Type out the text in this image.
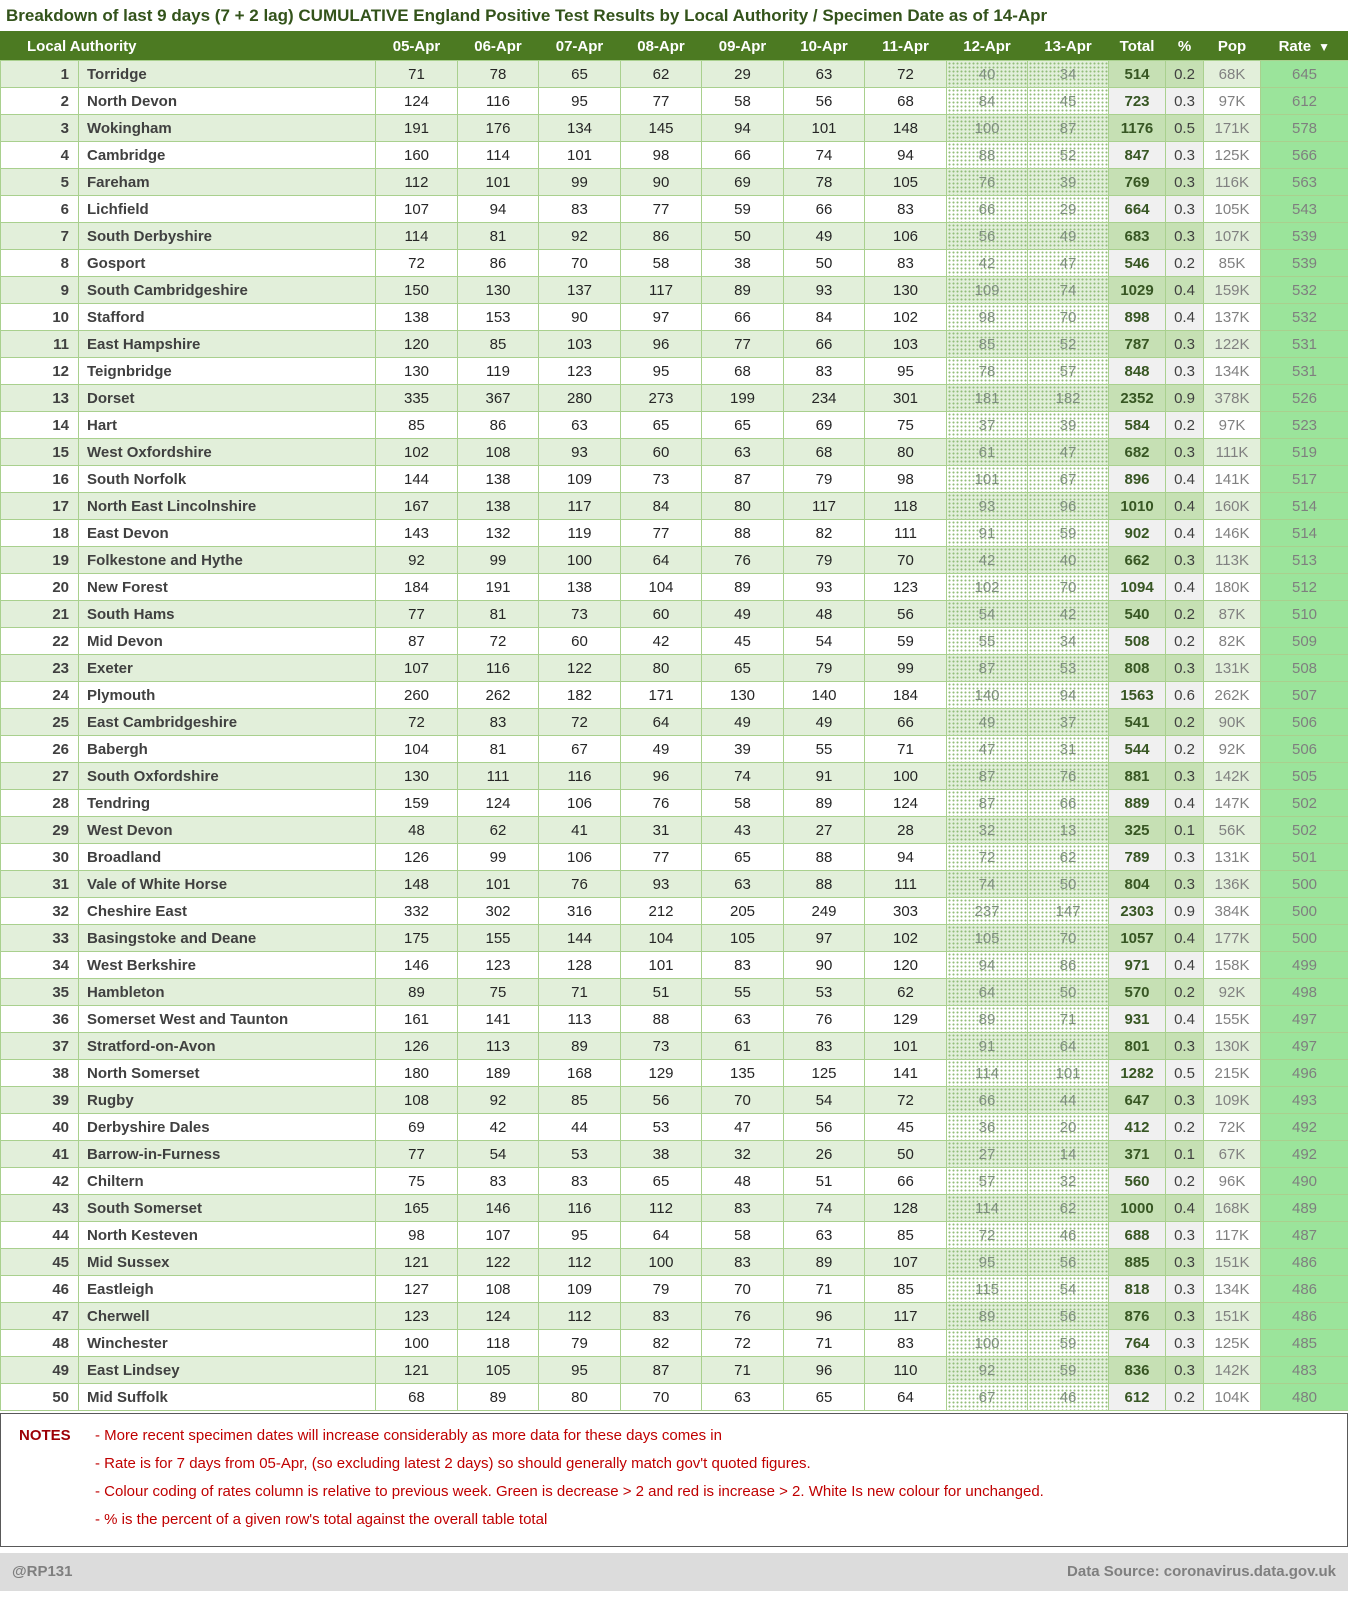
Breakdown of last 9 days (7 + 2 lag) CUMULATIVE England Positive Test Results by Local Authority / Specimen Date as of 14-Apr
Local Authority		05-Apr	06-Apr	07-Apr	08-Apr	09-Apr	10-Apr	11-Apr	12-Apr	13-Apr	Total	%	Pop	Rate ▼
1	Torridge	71	78	65	62	29	63	72	40	34	514	0.2	68K	645
2	North Devon	124	116	95	77	58	56	68	84	45	723	0.3	97K	612
3	Wokingham	191	176	134	145	94	101	148	100	87	1176	0.5	171K	578
4	Cambridge	160	114	101	98	66	74	94	88	52	847	0.3	125K	566
5	Fareham	112	101	99	90	69	78	105	76	39	769	0.3	116K	563
6	Lichfield	107	94	83	77	59	66	83	66	29	664	0.3	105K	543
7	South Derbyshire	114	81	92	86	50	49	106	56	49	683	0.3	107K	539
8	Gosport	72	86	70	58	38	50	83	42	47	546	0.2	85K	539
9	South Cambridgeshire	150	130	137	117	89	93	130	109	74	1029	0.4	159K	532
10	Stafford	138	153	90	97	66	84	102	98	70	898	0.4	137K	532
11	East Hampshire	120	85	103	96	77	66	103	85	52	787	0.3	122K	531
12	Teignbridge	130	119	123	95	68	83	95	78	57	848	0.3	134K	531
13	Dorset	335	367	280	273	199	234	301	181	182	2352	0.9	378K	526
14	Hart	85	86	63	65	65	69	75	37	39	584	0.2	97K	523
15	West Oxfordshire	102	108	93	60	63	68	80	61	47	682	0.3	111K	519
16	South Norfolk	144	138	109	73	87	79	98	101	67	896	0.4	141K	517
17	North East Lincolnshire	167	138	117	84	80	117	118	93	96	1010	0.4	160K	514
18	East Devon	143	132	119	77	88	82	111	91	59	902	0.4	146K	514
19	Folkestone and Hythe	92	99	100	64	76	79	70	42	40	662	0.3	113K	513
20	New Forest	184	191	138	104	89	93	123	102	70	1094	0.4	180K	512
21	South Hams	77	81	73	60	49	48	56	54	42	540	0.2	87K	510
22	Mid Devon	87	72	60	42	45	54	59	55	34	508	0.2	82K	509
23	Exeter	107	116	122	80	65	79	99	87	53	808	0.3	131K	508
24	Plymouth	260	262	182	171	130	140	184	140	94	1563	0.6	262K	507
25	East Cambridgeshire	72	83	72	64	49	49	66	49	37	541	0.2	90K	506
26	Babergh	104	81	67	49	39	55	71	47	31	544	0.2	92K	506
27	South Oxfordshire	130	111	116	96	74	91	100	87	76	881	0.3	142K	505
28	Tendring	159	124	106	76	58	89	124	87	66	889	0.4	147K	502
29	West Devon	48	62	41	31	43	27	28	32	13	325	0.1	56K	502
30	Broadland	126	99	106	77	65	88	94	72	62	789	0.3	131K	501
31	Vale of White Horse	148	101	76	93	63	88	111	74	50	804	0.3	136K	500
32	Cheshire East	332	302	316	212	205	249	303	237	147	2303	0.9	384K	500
33	Basingstoke and Deane	175	155	144	104	105	97	102	105	70	1057	0.4	177K	500
34	West Berkshire	146	123	128	101	83	90	120	94	86	971	0.4	158K	499
35	Hambleton	89	75	71	51	55	53	62	64	50	570	0.2	92K	498
36	Somerset West and Taunton	161	141	113	88	63	76	129	89	71	931	0.4	155K	497
37	Stratford-on-Avon	126	113	89	73	61	83	101	91	64	801	0.3	130K	497
38	North Somerset	180	189	168	129	135	125	141	114	101	1282	0.5	215K	496
39	Rugby	108	92	85	56	70	54	72	66	44	647	0.3	109K	493
40	Derbyshire Dales	69	42	44	53	47	56	45	36	20	412	0.2	72K	492
41	Barrow-in-Furness	77	54	53	38	32	26	50	27	14	371	0.1	67K	492
42	Chiltern	75	83	83	65	48	51	66	57	32	560	0.2	96K	490
43	South Somerset	165	146	116	112	83	74	128	114	62	1000	0.4	168K	489
44	North Kesteven	98	107	95	64	58	63	85	72	46	688	0.3	117K	487
45	Mid Sussex	121	122	112	100	83	89	107	95	56	885	0.3	151K	486
46	Eastleigh	127	108	109	79	70	71	85	115	54	818	0.3	134K	486
47	Cherwell	123	124	112	83	76	96	117	89	56	876	0.3	151K	486
48	Winchester	100	118	79	82	72	71	83	100	59	764	0.3	125K	485
49	East Lindsey	121	105	95	87	71	96	110	92	59	836	0.3	142K	483
50	Mid Suffolk	68	89	80	70	63	65	64	67	46	612	0.2	104K	480
NOTES	- More recent specimen dates will increase considerably as more data for these days comes in
- Rate is for 7 days from 05-Apr, (so excluding latest 2 days) so should generally match gov't quoted figures.
- Colour coding of rates column is relative to previous week. Green is decrease > 2 and red is increase > 2. White Is new colour for unchanged.
- % is the percent of a given row's total against the overall table total
@RP131	Data Source: coronavirus.data.gov.uk
